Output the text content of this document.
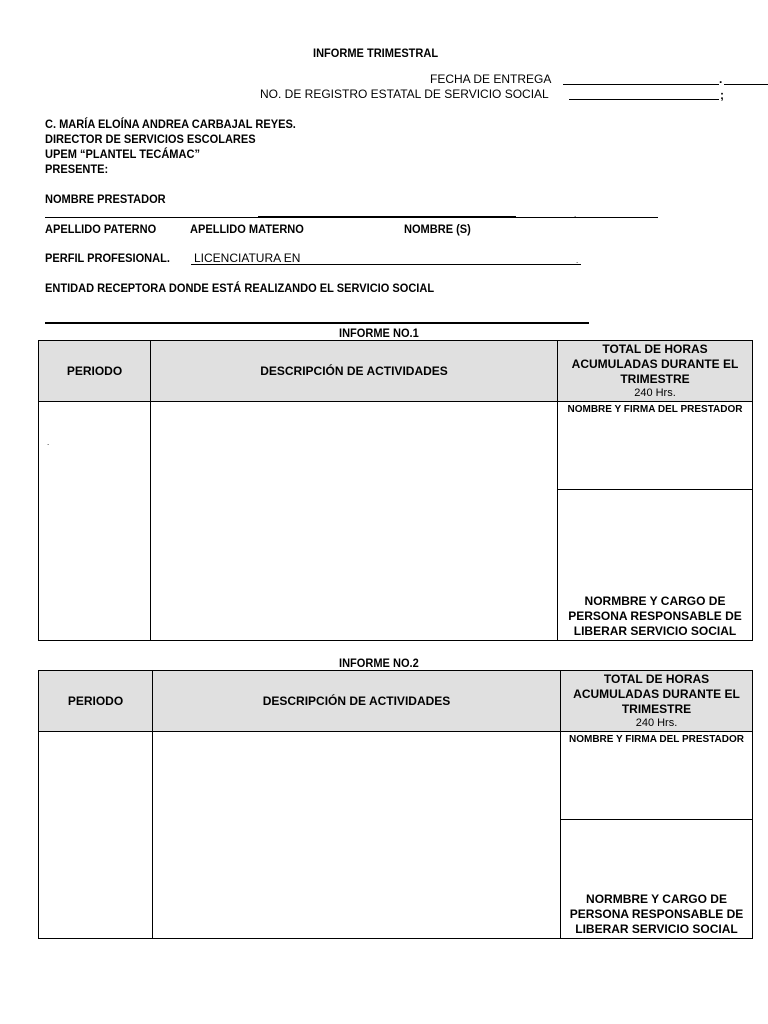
INFORME TRIMESTRAL
FECHA DE ENTREGA	.
NO. DE REGISTRO ESTATAL DE SERVICIO SOCIAL	;
C. MARÍA ELOÍNA ANDREA CARBAJAL REYES.
DIRECTOR DE SERVICIOS ESCOLARES
UPEM “PLANTEL TECÁMAC”
PRESENTE:
NOMBRE PRESTADOR
.
APELLIDO PATERNO	APELLIDO MATERNO	NOMBRE (S)
PERFIL PROFESIONAL. LICENCIATURA EN	.
ENTIDAD RECEPTORA DONDE ESTÁ REALIZANDO EL SERVICIO SOCIAL
INFORME NO.1
PERIODO	DESCRIPCIÓN DE ACTIVIDADES	TOTAL DE HORAS ACUMULADAS DURANTE EL TRIMESTRE
240 Hrs.

$_.$		NOMBRE Y FIRMA DEL PRESTADOR
		NORMBRE Y CARGO DE PERSONA RESPONSABLE DE LIBERAR SERVICIO SOCIAL
INFORME NO.2
PERIODO	DESCRIPCIÓN DE ACTIVIDADES	TOTAL DE HORAS ACUMULADAS DURANTE EL TRIMESTRE
240 Hrs.

		NOMBRE Y FIRMA DEL PRESTADOR
		NORMBRE Y CARGO DE PERSONA RESPONSABLE DE LIBERAR SERVICIO SOCIAL
